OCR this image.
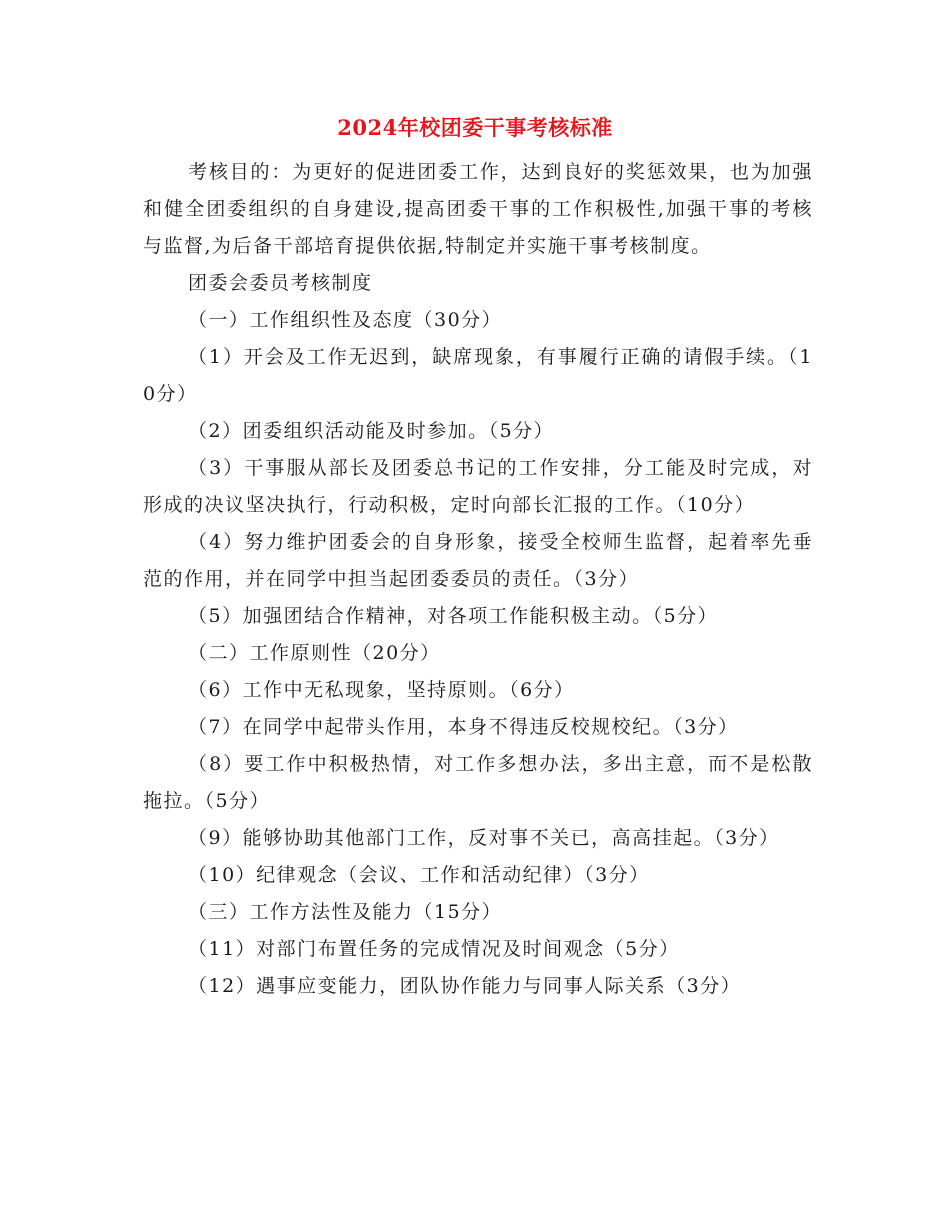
2024年校团委干事考核标准

考核目的：为更好的促进团委工作，达到良好的奖惩效果，也为加强和健全团委组织的自身建设,提高团委干事的工作积极性,加强干事的考核与监督,为后备干部培育提供依据,特制定并实施干事考核制度。

团委会委员考核制度

（一）工作组织性及态度（30分）

（1）开会及工作无迟到，缺席现象，有事履行正确的请假手续。（10分）

（2）团委组织活动能及时参加。（5分）

（3）干事服从部长及团委总书记的工作安排，分工能及时完成，对形成的决议坚决执行，行动积极，定时向部长汇报的工作。（10分）

（4）努力维护团委会的自身形象，接受全校师生监督，起着率先垂范的作用，并在同学中担当起团委委员的责任。（3分）

（5）加强团结合作精神，对各项工作能积极主动。（5分）

（二）工作原则性（20分）

（6）工作中无私现象，坚持原则。（6分）

（7）在同学中起带头作用，本身不得违反校规校纪。（3分）

（8）要工作中积极热情，对工作多想办法，多出主意，而不是松散拖拉。（5分）

（9）能够协助其他部门工作，反对事不关已，高高挂起。（3分）

（10）纪律观念（会议、工作和活动纪律）（3分）

（三）工作方法性及能力（15分）

（11）对部门布置任务的完成情况及时间观念（5分）

（12）遇事应变能力，团队协作能力与同事人际关系（3分）
